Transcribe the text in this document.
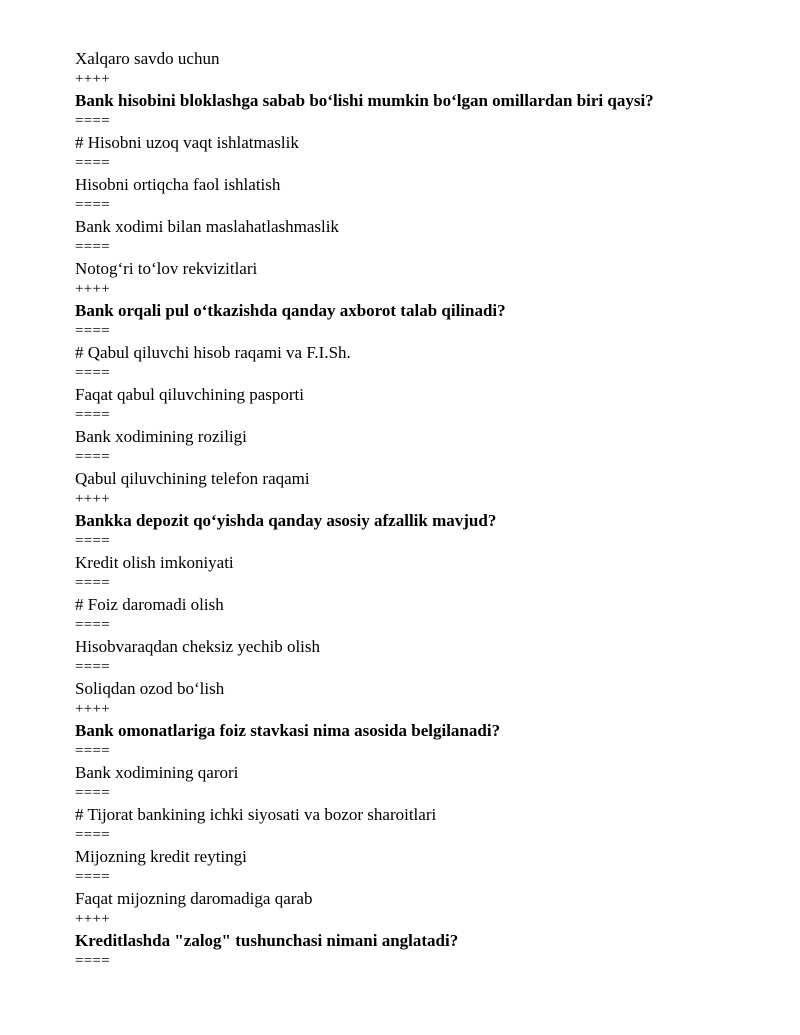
Xalqaro savdo uchun
++++
Bank hisobini bloklashga sabab bo‘lishi mumkin bo‘lgan omillardan biri qaysi?
====
# Hisobni uzoq vaqt ishlatmaslik
====
Hisobni ortiqcha faol ishlatish
====
Bank xodimi bilan maslahatlashmaslik
====
Notog‘ri to‘lov rekvizitlari
++++
Bank orqali pul o‘tkazishda qanday axborot talab qilinadi?
====
# Qabul qiluvchi hisob raqami va F.I.Sh.
====
Faqat qabul qiluvchining pasporti
====
Bank xodimining roziligi
====
Qabul qiluvchining telefon raqami
++++
Bankka depozit qo‘yishda qanday asosiy afzallik mavjud?
====
Kredit olish imkoniyati
====
# Foiz daromadi olish
====
Hisobvaraqdan cheksiz yechib olish
====
Soliqdan ozod bo‘lish
++++
Bank omonatlariga foiz stavkasi nima asosida belgilanadi?
====
Bank xodimining qarori
====
# Tijorat bankining ichki siyosati va bozor sharoitlari
====
Mijozning kredit reytingi
====
Faqat mijozning daromadiga qarab
++++
Kreditlashda "zalog" tushunchasi nimani anglatadi?
====
